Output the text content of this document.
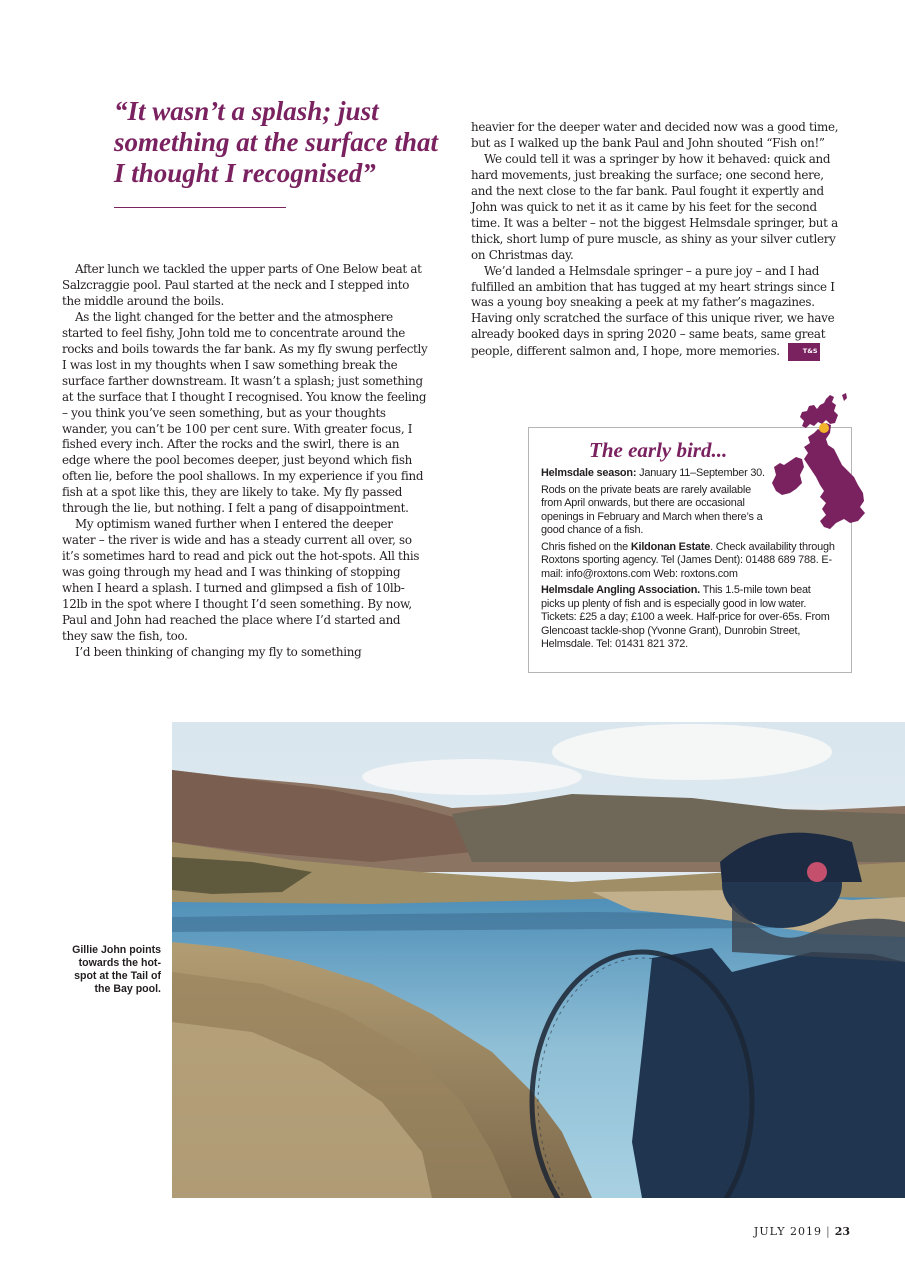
“It wasn’t a splash; just something at the surface that I thought I recognised”

After lunch we tackled the upper parts of One Below beat at Salzcraggie pool. Paul started at the neck and I stepped into the middle around the boils.

As the light changed for the better and the atmosphere started to feel fishy, John told me to concentrate around the rocks and boils towards the far bank. As my fly swung perfectly I was lost in my thoughts when I saw something break the surface farther downstream. It wasn’t a splash; just something at the surface that I thought I recognised. You know the feeling – you think you’ve seen something, but as your thoughts wander, you can’t be 100 per cent sure. With greater focus, I fished every inch. After the rocks and the swirl, there is an edge where the pool becomes deeper, just beyond which fish often lie, before the pool shallows. In my experience if you find fish at a spot like this, they are likely to take. My fly passed through the lie, but nothing. I felt a pang of disappointment.

My optimism waned further when I entered the deeper water – the river is wide and has a steady current all over, so it’s sometimes hard to read and pick out the hot-spots. All this was going through my head and I was thinking of stopping when I heard a splash. I turned and glimpsed a fish of 10lb-12lb in the spot where I thought I’d seen something. By now, Paul and John had reached the place where I’d started and they saw the fish, too.

I’d been thinking of changing my fly to something

heavier for the deeper water and decided now was a good time, but as I walked up the bank Paul and John shouted “Fish on!”

We could tell it was a springer by how it behaved: quick and hard movements, just breaking the surface; one second here, and the next close to the far bank. Paul fought it expertly and John was quick to net it as it came by his feet for the second time. It was a belter – not the biggest Helmsdale springer, but a thick, short lump of pure muscle, as shiny as your silver cutlery on Christmas day.

We’d landed a Helmsdale springer – a pure joy – and I had fulfilled an ambition that has tugged at my heart strings since I was a young boy sneaking a peek at my father’s magazines. Having only scratched the surface of this unique river, we have already booked days in spring 2020 – same beats, same great people, different salmon and, I hope, more memories.	T&S

The early bird...

Helmsdale season: January 11–September 30.

Rods on the private beats are rarely available from April onwards, but there are occasional openings in February and March when there’s a good chance of a fish.

Chris fished on the Kildonan Estate. Check availability through Roxtons sporting agency. Tel (James Dent): 01488 689 788. E-mail: info@roxtons.com Web: roxtons.com

Helmsdale Angling Association. This 1.5-mile town beat picks up plenty of fish and is especially good in low water. Tickets: £25 a day; £100 a week. Half-price for over-65s. From Glencoast tackle-shop (Yvonne Grant), Dunrobin Street, Helmsdale. Tel: 01431 821 372.

Gillie John points towards the hot-spot at the Tail of the Bay pool.

JULY 2019 | 23
